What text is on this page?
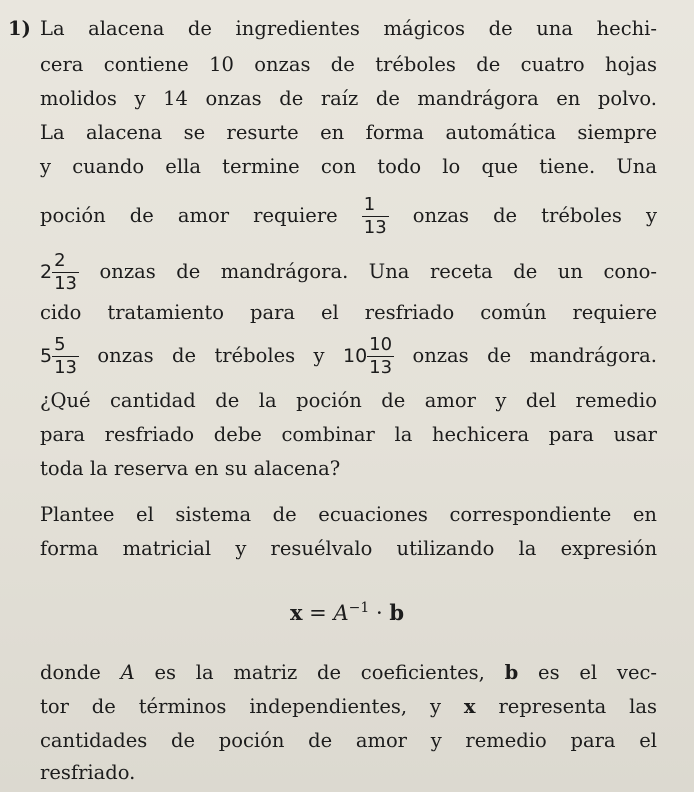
1) La alacena de ingredientes mágicos de una hechi-
cera contiene 10 onzas de tréboles de cuatro hojas
molidos y 14 onzas de raíz de mandrágora en polvo.
La alacena se resurte en forma automática siempre
y cuando ella termine con todo lo que tiene. Una
poción de amor requiere $\frac{1}{13}$ onzas de tréboles y
$2 \frac{2}{13}$ onzas de mandrágora. Una receta de un cono-
cido tratamiento para el resfriado común requiere
$5 \frac{5}{13}$ onzas de tréboles y $10 \frac{10}{13}$ onzas de mandrágora.
¿Qué cantidad de la poción de amor y del remedio
para resfriado debe combinar la hechicera para usar
toda la reserva en su alacena?
Plantee el sistema de ecuaciones correspondiente en
forma matricial y resuélvalo utilizando la expresión
$x = A^{-1} \cdot b$
donde A es la matriz de coeficientes, b es el vec-
tor de términos independientes, y x representa las
cantidades de poción de amor y remedio para el
resfriado.
